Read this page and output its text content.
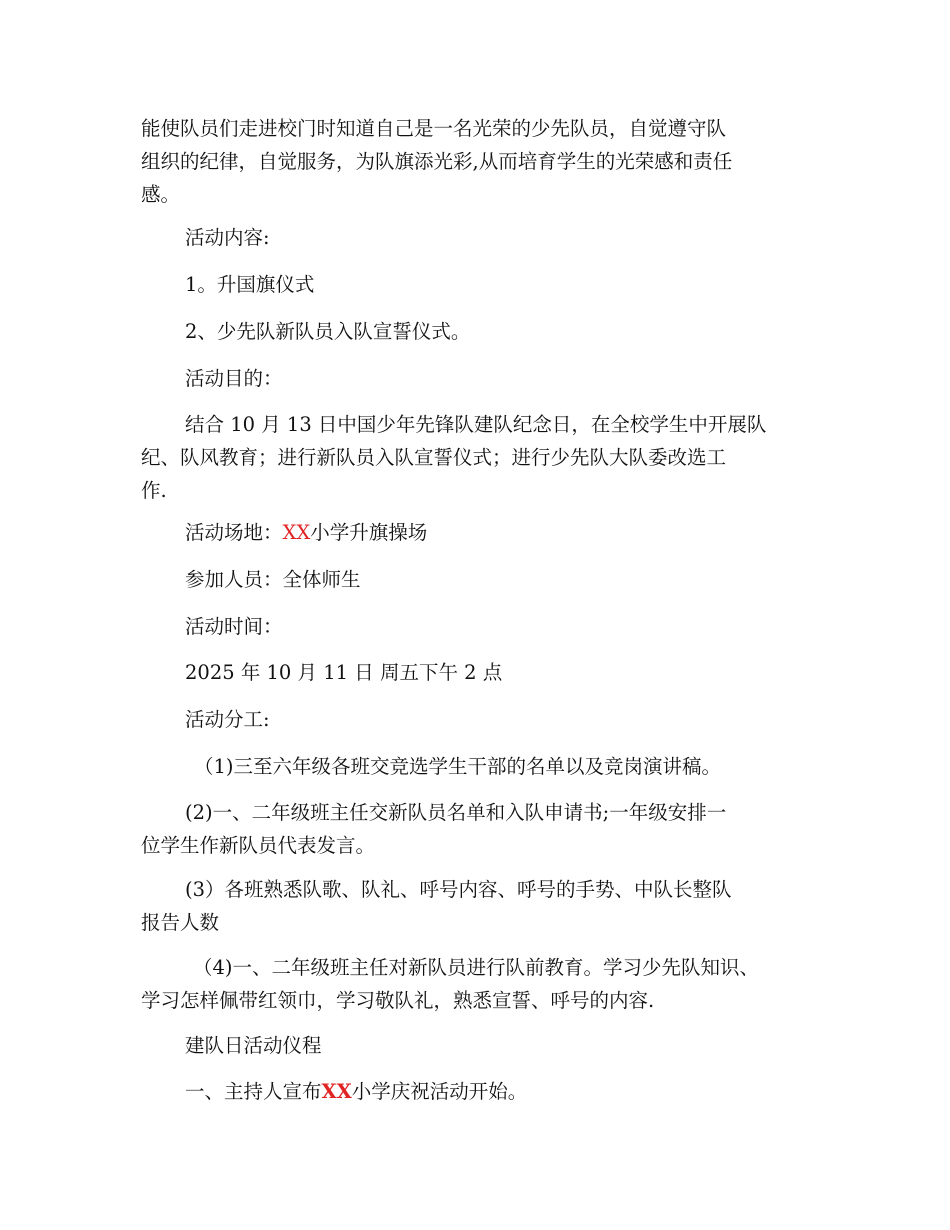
能使队员们走进校门时知道自己是一名光荣的少先队员，自觉遵守队
组织的纪律，自觉服务，为队旗添光彩,从而培育学生的光荣感和责任
感。
活动内容:
1。升国旗仪式
2、少先队新队员入队宣誓仪式。
活动目的：
结合 10 月 13 日中国少年先锋队建队纪念日，在全校学生中开展队
纪、队风教育；进行新队员入队宣誓仪式；进行少先队大队委改选工
作.
活动场地：XX小学升旗操场
参加人员：全体师生
活动时间：
2025 年 10 月 11 日 周五下午 2 点
活动分工:
（1)三至六年级各班交竞选学生干部的名单以及竞岗演讲稿。
(2)一、二年级班主任交新队员名单和入队申请书;一年级安排一
位学生作新队员代表发言。
(3）各班熟悉队歌、队礼、呼号内容、呼号的手势、中队长整队
报告人数
（4)一、二年级班主任对新队员进行队前教育。学习少先队知识、
学习怎样佩带红领巾，学习敬队礼，熟悉宣誓、呼号的内容.
建队日活动仪程
一、主持人宣布XX小学庆祝活动开始。
